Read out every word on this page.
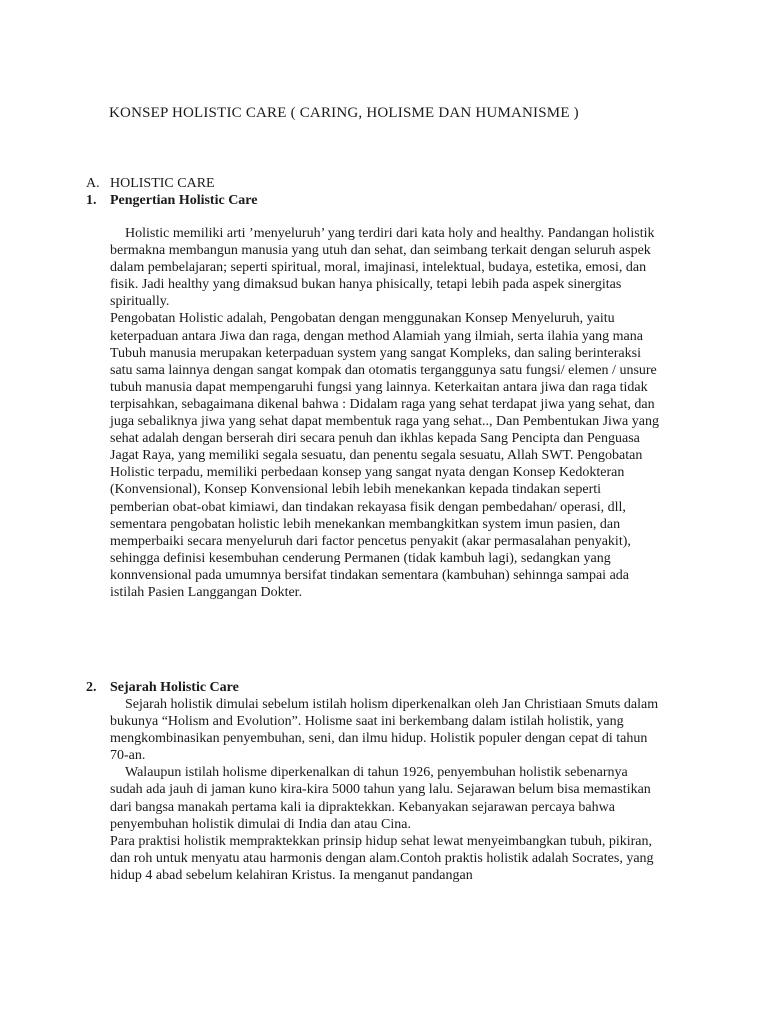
KONSEP HOLISTIC CARE ( CARING, HOLISME DAN HUMANISME )
A. HOLISTIC CARE
1. Pengertian Holistic Care

Holistic memiliki arti ’menyeluruh’ yang terdiri dari kata holy and healthy. Pandangan holistik bermakna membangun manusia yang utuh dan sehat, dan seimbang terkait dengan seluruh aspek dalam pembelajaran; seperti spiritual, moral, imajinasi, intelektual, budaya, estetika, emosi, dan fisik. Jadi healthy yang dimaksud bukan hanya phisically, tetapi lebih pada aspek sinergitas spiritually.

Pengobatan Holistic adalah, Pengobatan dengan menggunakan Konsep Menyeluruh, yaitu keterpaduan antara Jiwa dan raga, dengan method Alamiah yang ilmiah, serta ilahia yang mana

Tubuh manusia merupakan keterpaduan system yang sangat Kompleks, dan saling berinteraksi satu sama lainnya dengan sangat kompak dan otomatis terganggunya satu fungsi/ elemen / unsure tubuh manusia dapat mempengaruhi fungsi yang lainnya. Keterkaitan antara jiwa dan raga tidak terpisahkan, sebagaimana dikenal bahwa : Didalam raga yang sehat terdapat jiwa yang sehat, dan juga sebaliknya jiwa yang sehat dapat membentuk raga yang sehat.., Dan Pembentukan Jiwa yang sehat adalah dengan berserah diri secara penuh dan ikhlas kepada Sang Pencipta dan Penguasa Jagat Raya, yang memiliki segala sesuatu, dan penentu segala sesuatu, Allah SWT. Pengobatan Holistic terpadu, memiliki perbedaan konsep yang sangat nyata dengan Konsep Kedokteran (Konvensional), Konsep Konvensional lebih lebih menekankan kepada tindakan seperti pemberian obat-obat kimiawi, dan tindakan rekayasa fisik dengan pembedahan/ operasi, dll, sementara pengobatan holistic lebih menekankan membangkitkan system imun pasien, dan memperbaiki secara menyeluruh dari factor pencetus penyakit (akar permasalahan penyakit), sehingga definisi kesembuhan cenderung Permanen (tidak kambuh lagi), sedangkan yang konnvensional pada umumnya bersifat tindakan sementara (kambuhan) sehinnga sampai ada istilah Pasien Langgangan Dokter.

2. Sejarah Holistic Care

Sejarah holistik dimulai sebelum istilah holism diperkenalkan oleh Jan Christiaan Smuts dalam bukunya “Holism and Evolution”. Holisme saat ini berkembang dalam istilah holistik, yang mengkombinasikan penyembuhan, seni, dan ilmu hidup. Holistik populer dengan cepat di tahun 70-an.

Walaupun istilah holisme diperkenalkan di tahun 1926, penyembuhan holistik sebenarnya sudah ada jauh di jaman kuno kira-kira 5000 tahun yang lalu. Sejarawan belum bisa memastikan dari bangsa manakah pertama kali ia dipraktekkan. Kebanyakan sejarawan percaya bahwa penyembuhan holistik dimulai di India dan atau Cina.

Para praktisi holistik mempraktekkan prinsip hidup sehat lewat menyeimbangkan tubuh, pikiran, dan roh untuk menyatu atau harmonis dengan alam.Contoh praktis holistik adalah Socrates, yang hidup 4 abad sebelum kelahiran Kristus. Ia menganut pandangan
